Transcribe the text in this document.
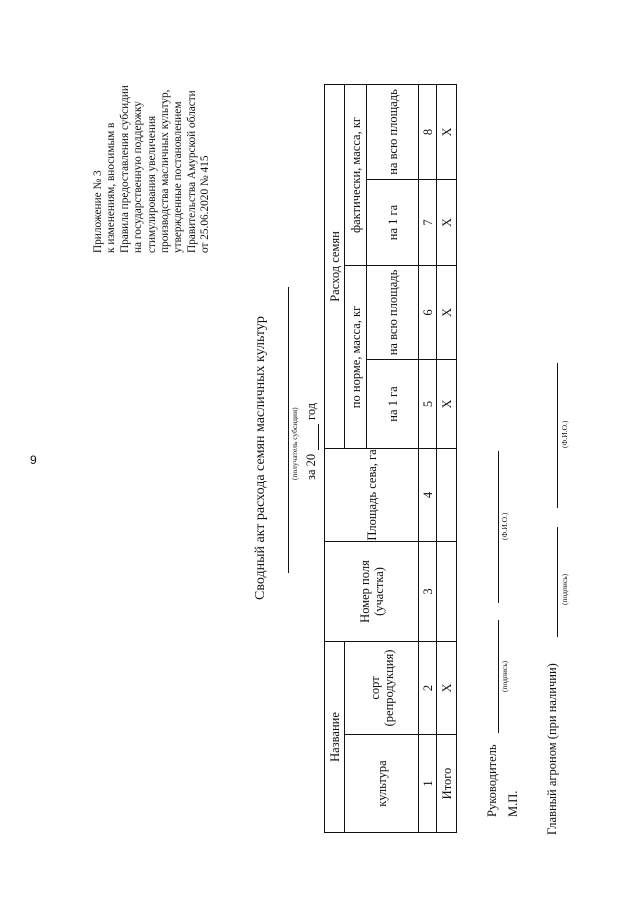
9
Приложение № 3 к изменениям, вносимым в Правила предоставления субсидии на государственную поддержку стимулирования увеличения производства масличных культур, утвержденные постановлением Правительства Амурской области от 25.06.2020 № 415
Сводный акт расхода семян масличных культур	(получатель субсидии) за 20
год
Название		Номер поля (участка)	Площадь сева, га	Расход семян			
культура	сорт (репродукция)			по норме, масса, кг		фактически, масса, кг	
				на 1 га	на всю площадь	на 1 га	на всю площадь
1	2	3	4	5	6	7	8
Итого	X			X	X	X	X
Руководитель
(подпись)
(Ф.И.О.)
М.П. Главный агроном (при наличии)
(подпись)
(Ф.И.О.)
